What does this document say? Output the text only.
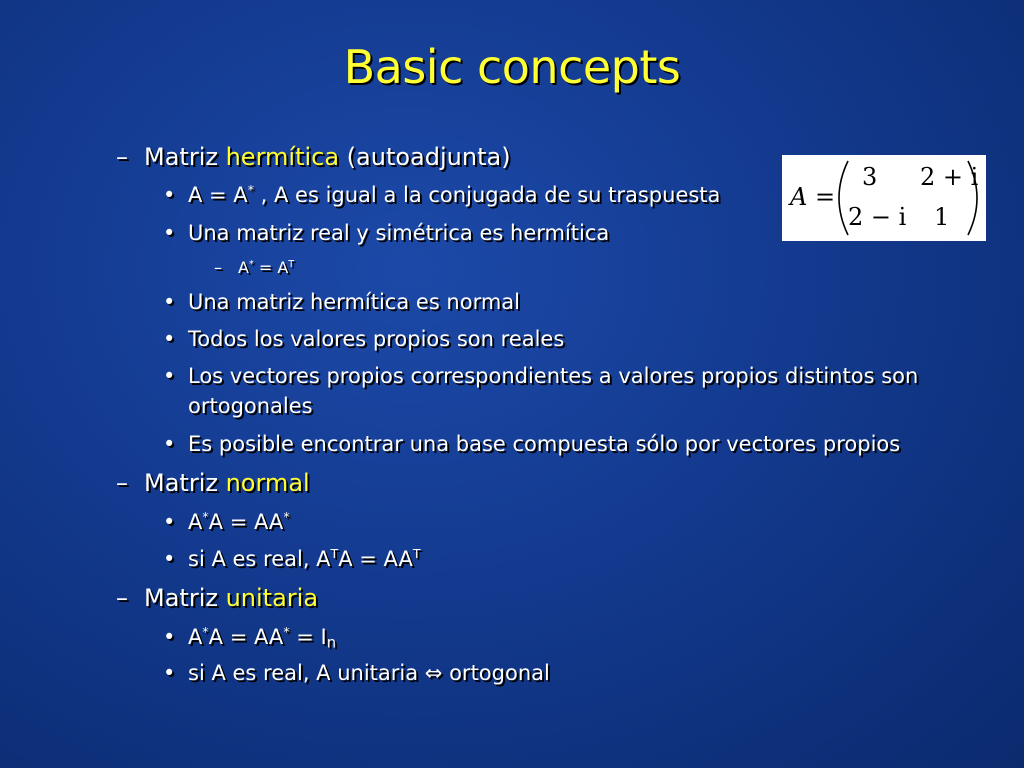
Basic concepts
– Matriz hermítica (autoadjunta)
• A = A* , A es igual a la conjugada de su traspuesta
• Una matriz real y simétrica es hermítica
– $A^* = A^T$
• Una matriz hermítica es normal
• Todos los valores propios son reales
• Los vectores propios correspondientes a valores propios distintos son
ortogonales
• Es posible encontrar una base compuesta sólo por vectores propios
– Matriz normal
• A*A = AA*
• si A es real, $A^TA = AA^T$
– Matriz unitaria
• $A^*A = AA^* = I_n$
• si A es real, A unitaria ⇔ ortogonal
A =
3 2 + i
2 − i 1
